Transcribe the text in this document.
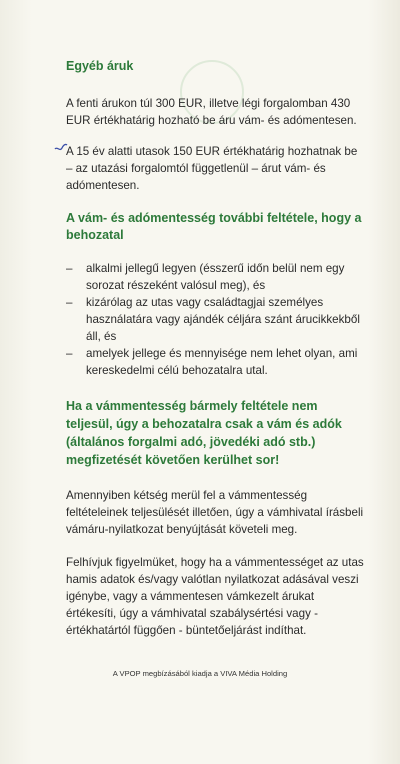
Egyéb áruk

A fenti árukon túl 300 EUR, illetve légi forgalomban 430 EUR értékhatárig hozható be áru vám- és adómentesen.

A 15 év alatti utasok 150 EUR értékhatárig hozhatnak be – az utazási forgalomtól függetlenül – árut vám- és adómentesen.

A vám- és adómentesség további feltétele, hogy a behozatal
– alkalmi jellegű legyen (ésszerű időn belül nem egy sorozat részeként valósul meg), és
– kizárólag az utas vagy családtagjai személyes használatára vagy ajándék céljára szánt árucikkekből áll, és
– amelyek jellege és mennyisége nem lehet olyan, ami kereskedelmi célú behozatalra utal.

Ha a vámmentesség bármely feltétele nem teljesül, úgy a behozatalra csak a vám és adók (általános forgalmi adó, jövedéki adó stb.) megfizetését követően kerülhet sor!

Amennyiben kétség merül fel a vámmentesség feltételeinek teljesülését illetően, úgy a vámhivatal írásbeli vámáru-nyilatkozat benyújtását követeli meg.

Felhívjuk figyelmüket, hogy ha a vámmentességet az utas hamis adatok és/vagy valótlan nyilatkozat adásával veszi igénybe, vagy a vámmentesen vámkezelt árukat értékesíti, úgy a vámhivatal szabálysértési vagy - értékhatártól függően - büntetőeljárást indíthat.

A VPOP megbízásából kiadja a VIVA Média Holding
